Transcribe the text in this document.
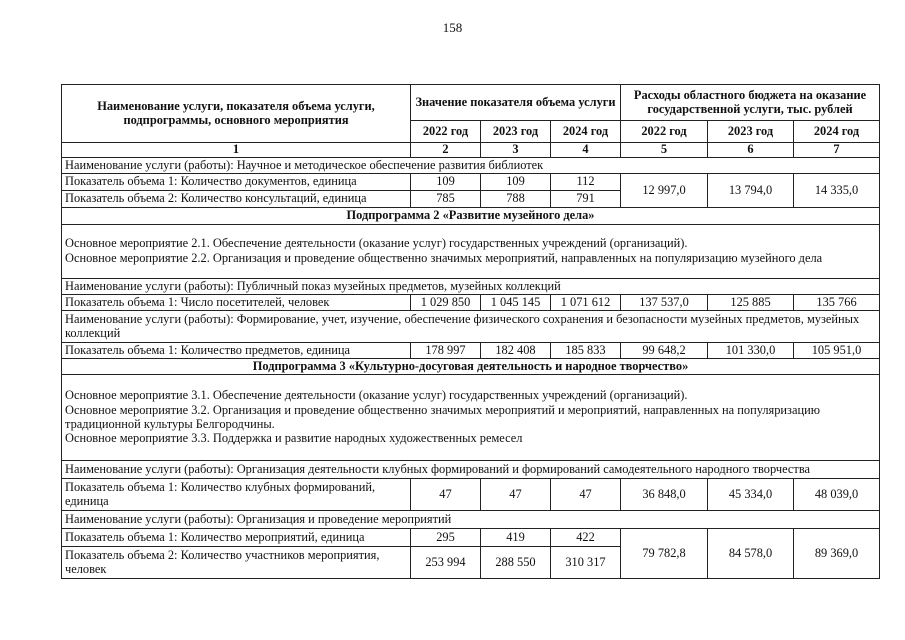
158
Наименование услуги, показателя объема услуги, подпрограммы, основного мероприятия	Значение показателя объема услуги			Расходы областного бюджета на оказание государственной услуги, тыс. рублей		
	2022 год	2023 год	2024 год	2022 год	2023 год	2024 год
1	2	3	4	5	6	7
Наименование услуги (работы): Научное и методическое обеспечение развития библиотек						
Показатель объема 1: Количество документов, единица	109	109	112	12 997,0	13 794,0	14 335,0
Показатель объема 2: Количество консультаций, единица	785	788	791			
Подпрограмма 2 «Развитие музейного дела»						

Основное мероприятие 2.1. Обеспечение деятельности (оказание услуг) государственных учреждений (организаций).
Основное мероприятие 2.2. Организация и проведение общественно значимых мероприятий, направленных на популяризацию музейного дела						

Наименование услуги (работы): Публичный показ музейных предметов, музейных коллекций						
Показатель объема 1: Число посетителей, человек	1 029 850	1 045 145	1 071 612	137 537,0	125 885	135 766
Наименование услуги (работы): Формирование, учет, изучение, обеспечение физического сохранения и безопасности музейных предметов, музейных коллекций						
Показатель объема 1: Количество предметов, единица	178 997	182 408	185 833	99 648,2	101 330,0	105 951,0
Подпрограмма 3 «Культурно-досуговая деятельность и народное творчество»						

Основное мероприятие 3.1. Обеспечение деятельности (оказание услуг) государственных учреждений (организаций).
Основное мероприятие 3.2. Организация и проведение общественно значимых мероприятий и мероприятий, направленных на популяризацию традиционной культуры Белгородчины.
Основное мероприятие 3.3. Поддержка и развитие народных художественных ремесел						

Наименование услуги (работы): Организация деятельности клубных формирований и формирований самодеятельного народного творчества						
Показатель объема 1: Количество клубных формирований, единица	47	47	47	36 848,0	45 334,0	48 039,0
Наименование услуги (работы): Организация и проведение мероприятий						
Показатель объема 1: Количество мероприятий, единица	295	419	422	79 782,8	84 578,0	89 369,0
Показатель объема 2: Количество участников мероприятия, человек	253 994	288 550	310 317			
